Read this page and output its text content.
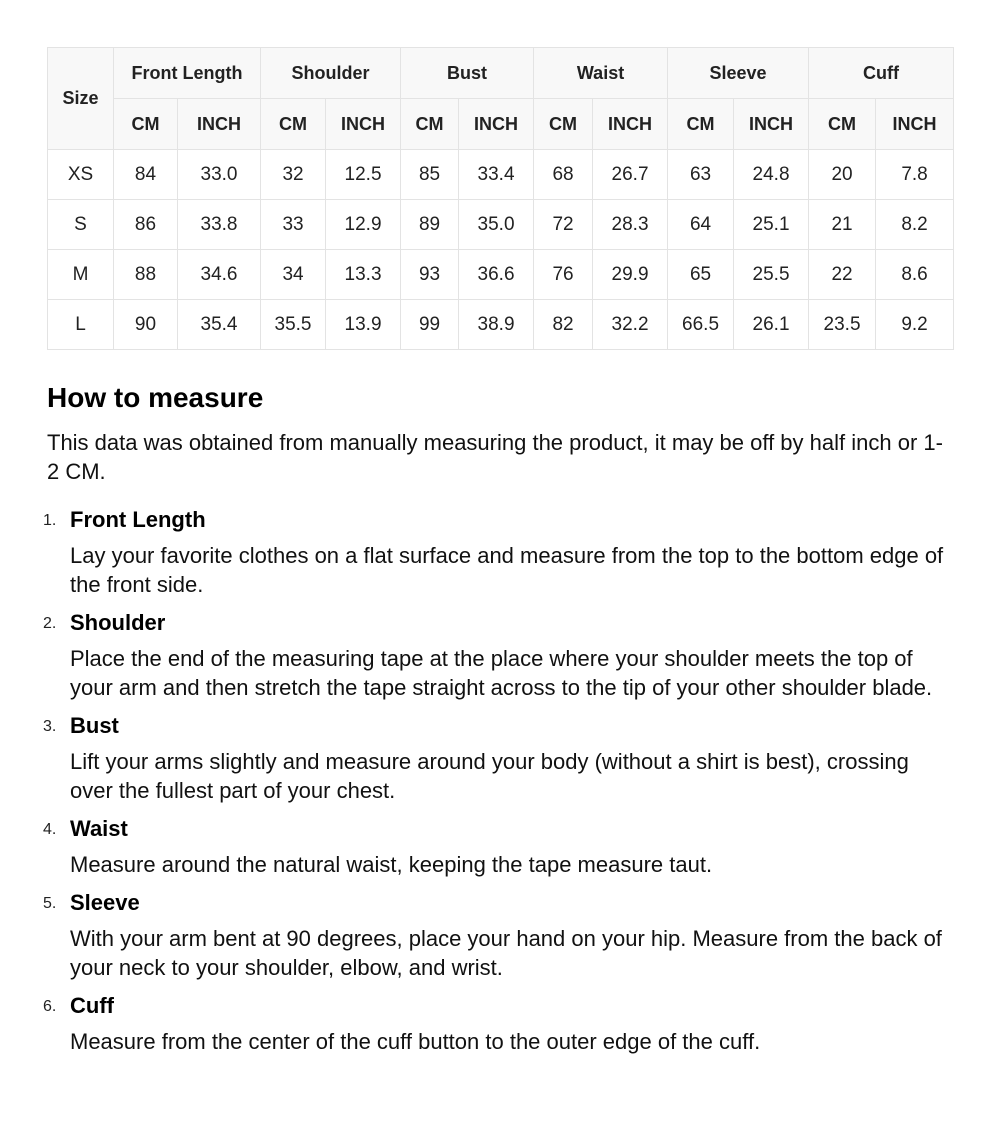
Size	Front Length		Shoulder		Bust		Waist		Sleeve		Cuff	
	CM	INCH	CM	INCH	CM	INCH	CM	INCH	CM	INCH	CM	INCH
XS	84	33.0	32	12.5	85	33.4	68	26.7	63	24.8	20	7.8
S	86	33.8	33	12.9	89	35.0	72	28.3	64	25.1	21	8.2
M	88	34.6	34	13.3	93	36.6	76	29.9	65	25.5	22	8.6
L	90	35.4	35.5	13.9	99	38.9	82	32.2	66.5	26.1	23.5	9.2
How to measure

This data was obtained from manually measuring the product, it may be off by half inch or 1-2 CM.

1. Front Length
Lay your favorite clothes on a flat surface and measure from the top to the bottom edge of the front side.
2. Shoulder
Place the end of the measuring tape at the place where your shoulder meets the top of your arm and then stretch the tape straight across to the tip of your other shoulder blade.
3. Bust
Lift your arms slightly and measure around your body (without a shirt is best), crossing over the fullest part of your chest.
4. Waist
Measure around the natural waist, keeping the tape measure taut.
5. Sleeve
With your arm bent at 90 degrees, place your hand on your hip. Measure from the back of your neck to your shoulder, elbow, and wrist.
6. Cuff
Measure from the center of the cuff button to the outer edge of the cuff.
